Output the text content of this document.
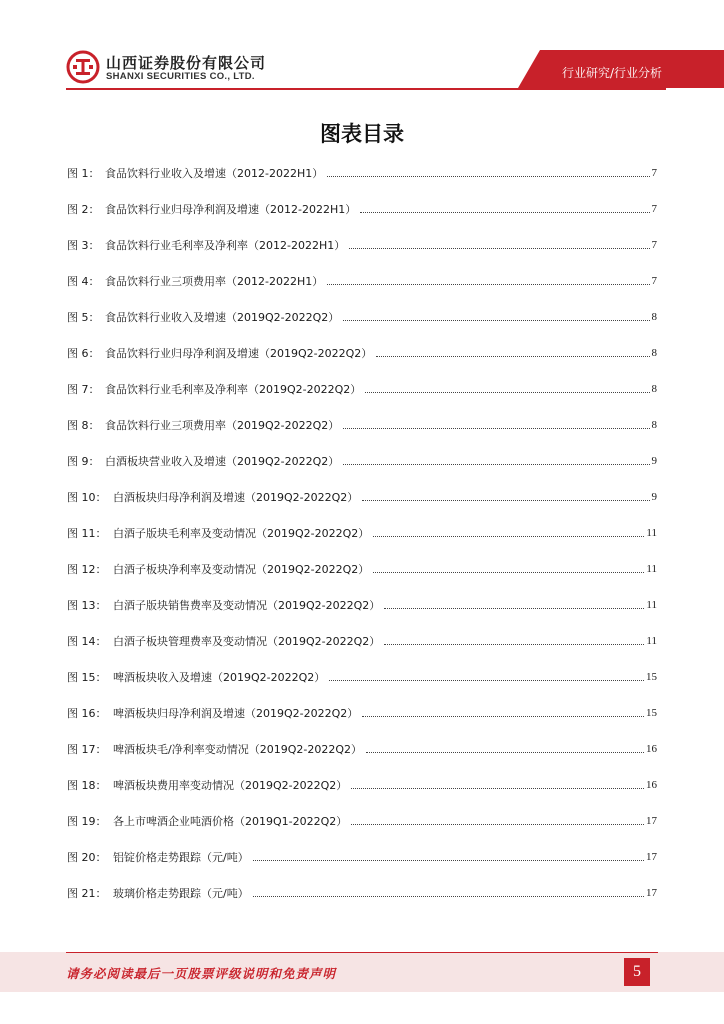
山西证券股份有限公司
SHANXI SECURITIES CO., LTD.	行业研究/行业分析
图表目录
图 1： 食品饮料行业收入及增速（2012-2022H1）	7
图 2： 食品饮料行业归母净利润及增速（2012-2022H1）	7
图 3： 食品饮料行业毛利率及净利率（2012-2022H1）	7
图 4： 食品饮料行业三项费用率（2012-2022H1）	7
图 5： 食品饮料行业收入及增速（2019Q2-2022Q2）	8
图 6： 食品饮料行业归母净利润及增速（2019Q2-2022Q2）	8
图 7： 食品饮料行业毛利率及净利率（2019Q2-2022Q2）	8
图 8： 食品饮料行业三项费用率（2019Q2-2022Q2）	8
图 9： 白酒板块营业收入及增速（2019Q2-2022Q2）	9
图 10： 白酒板块归母净利润及增速（2019Q2-2022Q2）	9
图 11： 白酒子版块毛利率及变动情况（2019Q2-2022Q2）	11
图 12： 白酒子板块净利率及变动情况（2019Q2-2022Q2）	11
图 13： 白酒子版块销售费率及变动情况（2019Q2-2022Q2）	11
图 14： 白酒子板块管理费率及变动情况（2019Q2-2022Q2）	11
图 15： 啤酒板块收入及增速（2019Q2-2022Q2）	15
图 16： 啤酒板块归母净利润及增速（2019Q2-2022Q2）	15
图 17： 啤酒板块毛/净利率变动情况（2019Q2-2022Q2）	16
图 18： 啤酒板块费用率变动情况（2019Q2-2022Q2）	16
图 19： 各上市啤酒企业吨酒价格（2019Q1-2022Q2）	17
图 20： 铝锭价格走势跟踪（元/吨）	17
图 21： 玻璃价格走势跟踪（元/吨）	17
请务必阅读最后一页股票评级说明和免责声明	5
